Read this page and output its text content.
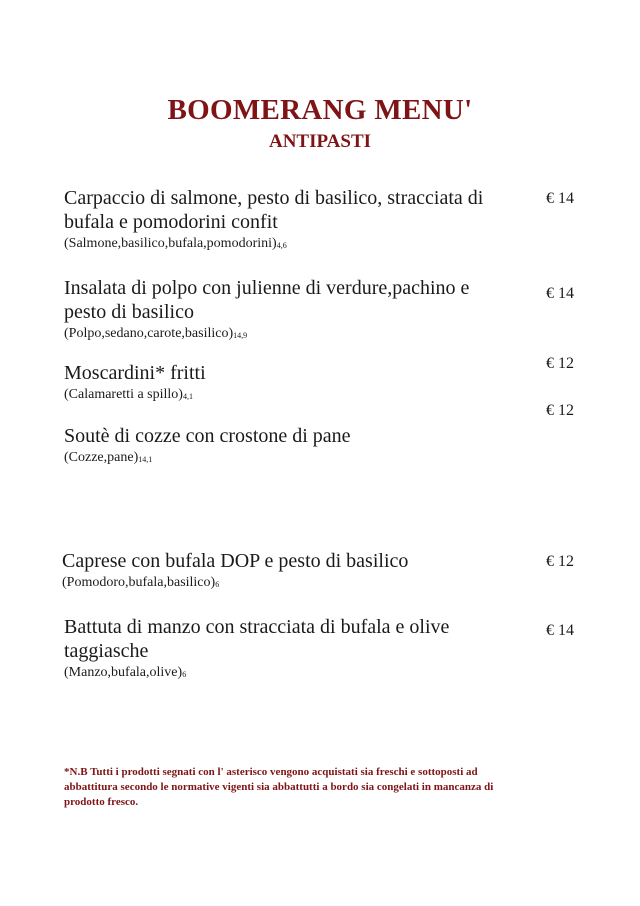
BOOMERANG MENU'
ANTIPASTI
Carpaccio di salmone, pesto di basilico, stracciata di bufala e pomodorini confit
$(Salmone,basilico,bufala,pomodorini)_{4,6}$
€ 14
Insalata di polpo con julienne di verdure,pachino e pesto di basilico
$(Polpo,sedano,carote,basilico)_{14,9}$
€ 14
Moscardini* fritti
(Calamaretti a $spillo)_{4,1}$
€ 12
Soutè di cozze con crostone di pane
$(Cozze,pane)_{14,1}$
€ 12
Caprese con bufala DOP e pesto di basilico
$(Pomodoro,bufala,basilico)_6$
€ 12
Battuta di manzo con stracciata di bufala e olive taggiasche
$(Manzo,bufala,olive)_6$
€ 14
*N.B Tutti i prodotti segnati con l' asterisco vengono acquistati sia freschi e sottoposti ad abbattitura secondo le normative vigenti sia abbattutti a bordo sia congelati in mancanza di prodotto fresco.
